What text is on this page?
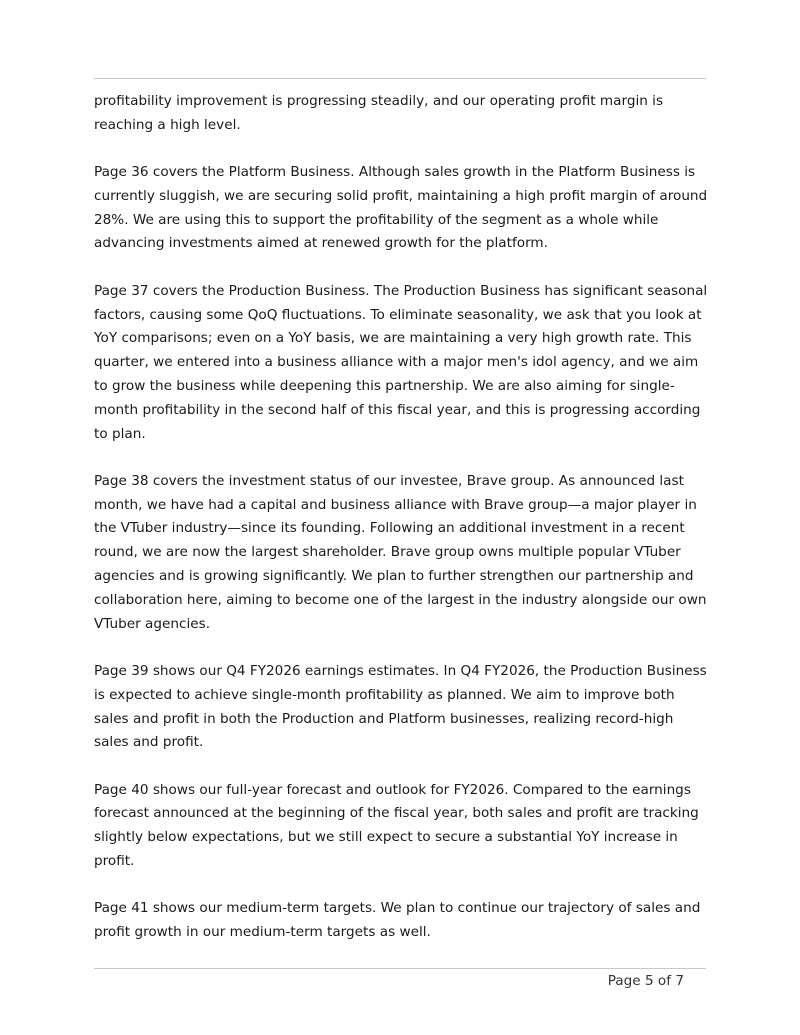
profitability improvement is progressing steadily, and our operating profit margin is reaching a high level.

Page 36 covers the Platform Business. Although sales growth in the Platform Business is currently sluggish, we are securing solid profit, maintaining a high profit margin of around 28%. We are using this to support the profitability of the segment as a whole while advancing investments aimed at renewed growth for the platform.

Page 37 covers the Production Business. The Production Business has significant seasonal factors, causing some QoQ fluctuations. To eliminate seasonality, we ask that you look at YoY comparisons; even on a YoY basis, we are maintaining a very high growth rate. This quarter, we entered into a business alliance with a major men's idol agency, and we aim to grow the business while deepening this partnership. We are also aiming for single-month profitability in the second half of this fiscal year, and this is progressing according to plan.

Page 38 covers the investment status of our investee, Brave group. As announced last month, we have had a capital and business alliance with Brave group—a major player in the VTuber industry—since its founding. Following an additional investment in a recent round, we are now the largest shareholder. Brave group owns multiple popular VTuber agencies and is growing significantly. We plan to further strengthen our partnership and collaboration here, aiming to become one of the largest in the industry alongside our own VTuber agencies.

Page 39 shows our Q4 FY2026 earnings estimates. In Q4 FY2026, the Production Business is expected to achieve single-month profitability as planned. We aim to improve both sales and profit in both the Production and Platform businesses, realizing record-high sales and profit.

Page 40 shows our full-year forecast and outlook for FY2026. Compared to the earnings forecast announced at the beginning of the fiscal year, both sales and profit are tracking slightly below expectations, but we still expect to secure a substantial YoY increase in profit.

Page 41 shows our medium-term targets. We plan to continue our trajectory of sales and profit growth in our medium-term targets as well.

Page 5 of 7
